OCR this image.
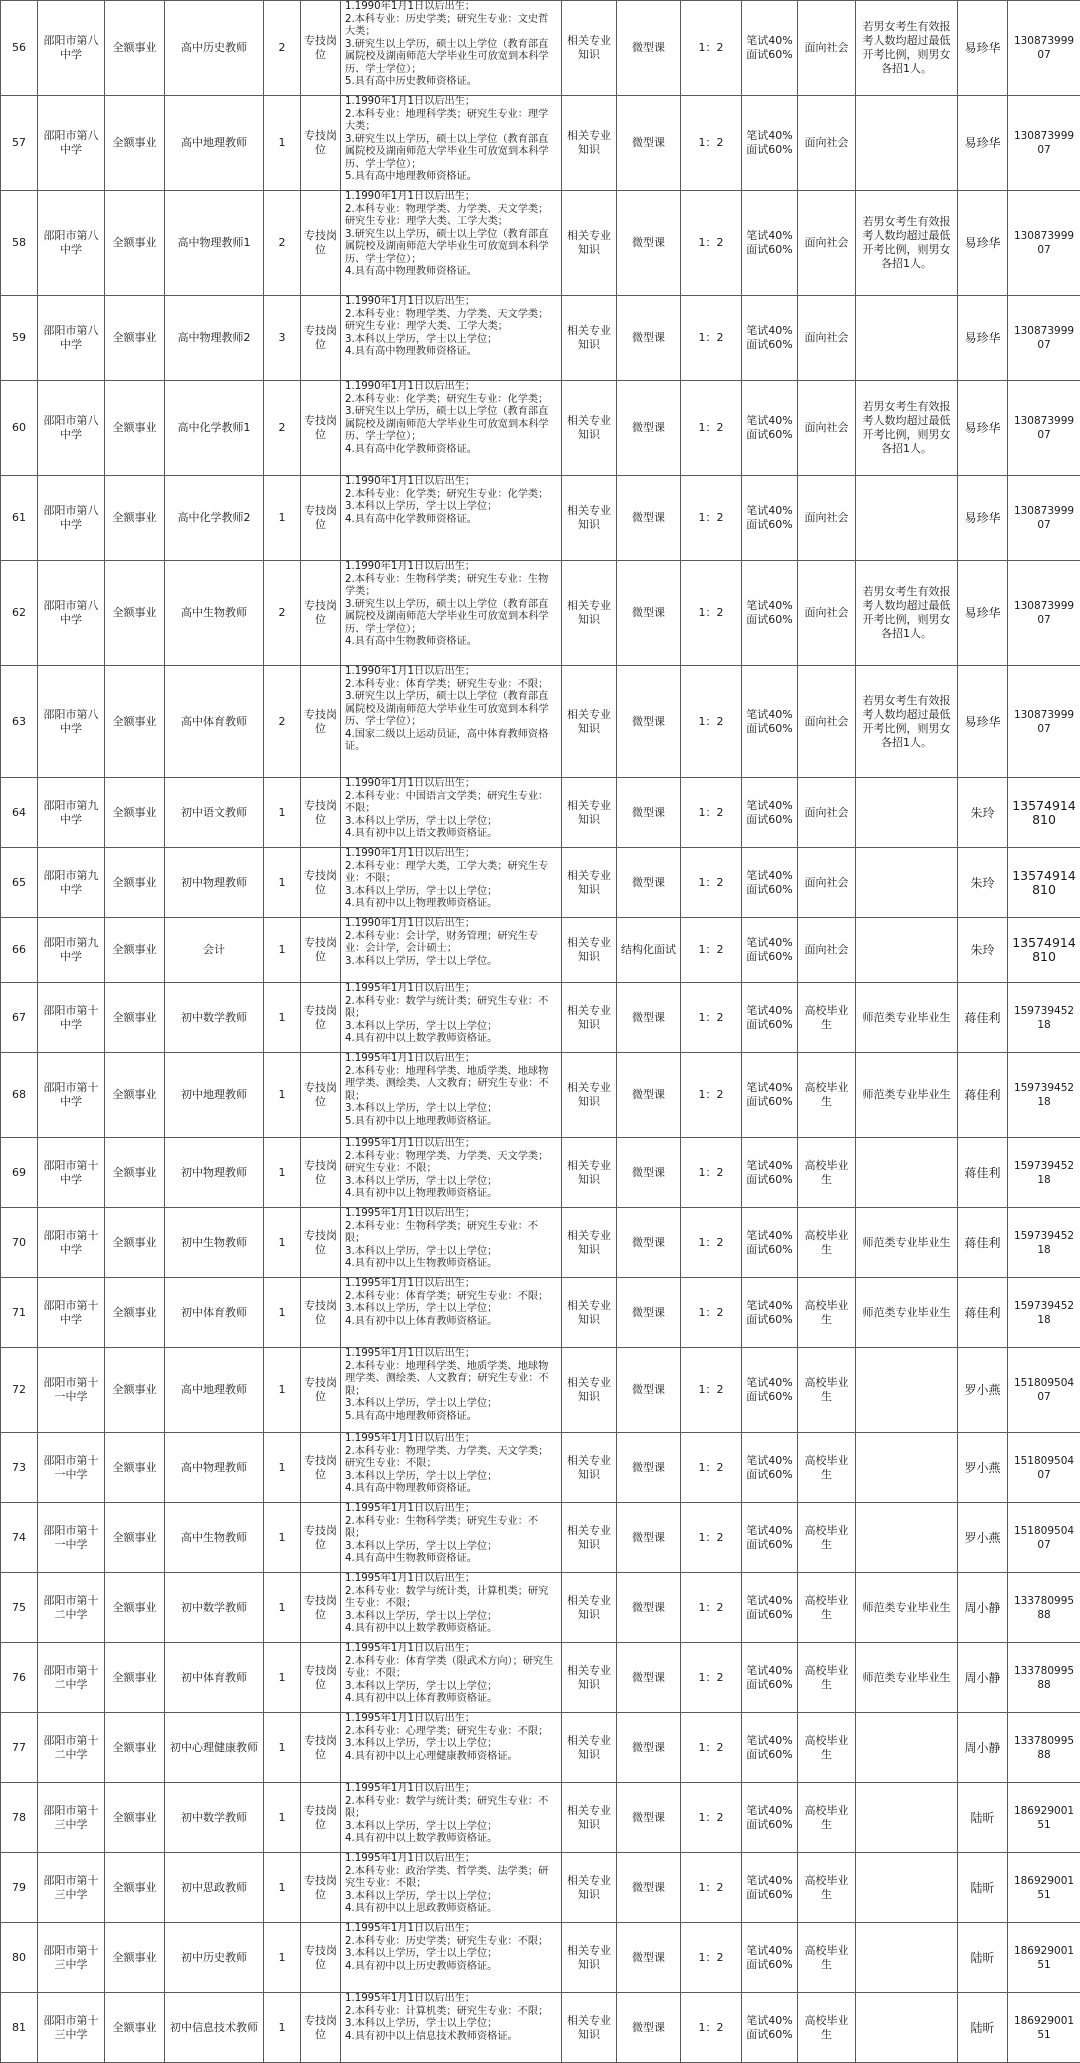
56	邵阳市第八中学	全额事业	高中历史教师	2	专技岗位	1.1990年1月1日以后出生；
2.本科专业：历史学类；研究生专业：文史哲大类；
3.研究生以上学历，硕士以上学位（教育部直属院校及湖南师范大学毕业生可放宽到本科学历、学士学位）；
5.具有高中历史教师资格证。	相关专业知识	微型课	1：2	笔试40%面试60%	面向社会	若男女考生有效报考人数均超过最低开考比例，则男女各招1人。	易珍华	13087399907
57	邵阳市第八中学	全额事业	高中地理教师	1	专技岗位	1.1990年1月1日以后出生；
2.本科专业：地理科学类；研究生专业：理学大类；
3.研究生以上学历，硕士以上学位（教育部直属院校及湖南师范大学毕业生可放宽到本科学历、学士学位）；
5.具有高中地理教师资格证。	相关专业知识	微型课	1：2	笔试40%面试60%	面向社会		易珍华	13087399907
58	邵阳市第八中学	全额事业	高中物理教师1	2	专技岗位	1.1990年1月1日以后出生；
2.本科专业：物理学类、力学类、天文学类；研究生专业：理学大类、工学大类；
3.研究生以上学历，硕士以上学位（教育部直属院校及湖南师范大学毕业生可放宽到本科学历、学士学位）；
4.具有高中物理教师资格证。	相关专业知识	微型课	1：2	笔试40%面试60%	面向社会	若男女考生有效报考人数均超过最低开考比例，则男女各招1人。	易珍华	13087399907
59	邵阳市第八中学	全额事业	高中物理教师2	3	专技岗位	1.1990年1月1日以后出生；
2.本科专业：物理学类、力学类、天文学类；研究生专业：理学大类、工学大类；
3.本科以上学历，学士以上学位；
4.具有高中物理教师资格证。	相关专业知识	微型课	1：2	笔试40%面试60%	面向社会		易珍华	13087399907
60	邵阳市第八中学	全额事业	高中化学教师1	2	专技岗位	1.1990年1月1日以后出生；
2.本科专业：化学类；研究生专业：化学类；
3.研究生以上学历，硕士以上学位（教育部直属院校及湖南师范大学毕业生可放宽到本科学历、学士学位）；
4.具有高中化学教师资格证。	相关专业知识	微型课	1：2	笔试40%面试60%	面向社会	若男女考生有效报考人数均超过最低开考比例，则男女各招1人。	易珍华	13087399907
61	邵阳市第八中学	全额事业	高中化学教师2	1	专技岗位	1.1990年1月1日以后出生；
2.本科专业：化学类；研究生专业：化学类；
3.本科以上学历，学士以上学位；
4.具有高中化学教师资格证。	相关专业知识	微型课	1：2	笔试40%面试60%	面向社会		易珍华	13087399907
62	邵阳市第八中学	全额事业	高中生物教师	2	专技岗位	1.1990年1月1日以后出生；
2.本科专业：生物科学类；研究生专业：生物学类；
3.研究生以上学历，硕士以上学位（教育部直属院校及湖南师范大学毕业生可放宽到本科学历、学士学位）；
4.具有高中生物教师资格证。	相关专业知识	微型课	1：2	笔试40%面试60%	面向社会	若男女考生有效报考人数均超过最低开考比例，则男女各招1人。	易珍华	13087399907
63	邵阳市第八中学	全额事业	高中体育教师	2	专技岗位	1.1990年1月1日以后出生；
2.本科专业：体育学类；研究生专业：不限；
3.研究生以上学历，硕士以上学位（教育部直属院校及湖南师范大学毕业生可放宽到本科学历、学士学位）；
4.国家二级以上运动员证，高中体育教师资格证。	相关专业知识	微型课	1：2	笔试40%面试60%	面向社会	若男女考生有效报考人数均超过最低开考比例，则男女各招1人。	易珍华	13087399907
64	邵阳市第九中学	全额事业	初中语文教师	1	专技岗位	1.1990年1月1日以后出生；
2.本科专业：中国语言文学类；研究生专业：不限；
3.本科以上学历，学士以上学位；
4.具有初中以上语文教师资格证。	相关专业知识	微型课	1：2	笔试40%面试60%	面向社会		朱玲	13574914810
65	邵阳市第九中学	全额事业	初中物理教师	1	专技岗位	1.1990年1月1日以后出生；
2.本科专业：理学大类，工学大类；研究生专业：不限；
3.本科以上学历，学士以上学位；
4.具有初中以上物理教师资格证。	相关专业知识	微型课	1：2	笔试40%面试60%	面向社会		朱玲	13574914810
66	邵阳市第九中学	全额事业	会计	1	专技岗位	1.1990年1月1日以后出生；
2.本科专业：会计学，财务管理；研究生专业：会计学，会计硕士；
3.本科以上学历，学士以上学位。	相关专业知识	结构化面试	1：2	笔试40%面试60%	面向社会		朱玲	13574914810
67	邵阳市第十中学	全额事业	初中数学教师	1	专技岗位	1.1995年1月1日以后出生；
2.本科专业：数学与统计类；研究生专业：不限；
3.本科以上学历，学士以上学位；
4.具有初中以上数学教师资格证。	相关专业知识	微型课	1：2	笔试40%面试60%	高校毕业生	师范类专业毕业生	蒋佳利	15973945218
68	邵阳市第十中学	全额事业	初中地理教师	1	专技岗位	1.1995年1月1日以后出生；
2.本科专业：地理科学类、地质学类、地球物理学类、测绘类、人文教育；研究生专业：不限；
3.本科以上学历，学士以上学位；
5.具有初中以上地理教师资格证。	相关专业知识	微型课	1：2	笔试40%面试60%	高校毕业生	师范类专业毕业生	蒋佳利	15973945218
69	邵阳市第十中学	全额事业	初中物理教师	1	专技岗位	1.1995年1月1日以后出生；
2.本科专业：物理学类、力学类、天文学类；研究生专业：不限；
3.本科以上学历，学士以上学位；
4.具有初中以上物理教师资格证。	相关专业知识	微型课	1：2	笔试40%面试60%	高校毕业生		蒋佳利	15973945218
70	邵阳市第十中学	全额事业	初中生物教师	1	专技岗位	1.1995年1月1日以后出生；
2.本科专业：生物科学类；研究生专业：不限；
3.本科以上学历，学士以上学位；
4.具有初中以上生物教师资格证。	相关专业知识	微型课	1：2	笔试40%面试60%	高校毕业生	师范类专业毕业生	蒋佳利	15973945218
71	邵阳市第十中学	全额事业	初中体育教师	1	专技岗位	1.1995年1月1日以后出生；
2.本科专业：体育学类；研究生专业：不限；
3.本科以上学历，学士以上学位；
4.具有初中以上体育教师资格证。	相关专业知识	微型课	1：2	笔试40%面试60%	高校毕业生	师范类专业毕业生	蒋佳利	15973945218
72	邵阳市第十一中学	全额事业	高中地理教师	1	专技岗位	1.1995年1月1日以后出生；
2.本科专业：地理科学类、地质学类、地球物理学类、测绘类、人文教育；研究生专业：不限；
3.本科以上学历，学士以上学位；
5.具有高中地理教师资格证。	相关专业知识	微型课	1：2	笔试40%面试60%	高校毕业生		罗小燕	15180950407
73	邵阳市第十一中学	全额事业	高中物理教师	1	专技岗位	1.1995年1月1日以后出生；
2.本科专业：物理学类、力学类、天文学类；研究生专业：不限；
3.本科以上学历，学士以上学位；
4.具有高中物理教师资格证。	相关专业知识	微型课	1：2	笔试40%面试60%	高校毕业生		罗小燕	15180950407
74	邵阳市第十一中学	全额事业	高中生物教师	1	专技岗位	1.1995年1月1日以后出生；
2.本科专业：生物科学类；研究生专业：不限；
3.本科以上学历，学士以上学位；
4.具有高中生物教师资格证。	相关专业知识	微型课	1：2	笔试40%面试60%	高校毕业生		罗小燕	15180950407
75	邵阳市第十二中学	全额事业	初中数学教师	1	专技岗位	1.1995年1月1日以后出生；
2.本科专业：数学与统计类，计算机类；研究生专业：不限；
3.本科以上学历，学士以上学位；
4.具有初中以上数学教师资格证。	相关专业知识	微型课	1：2	笔试40%面试60%	高校毕业生	师范类专业毕业生	周小静	13378099588
76	邵阳市第十二中学	全额事业	初中体育教师	1	专技岗位	1.1995年1月1日以后出生；
2.本科专业：体育学类（限武术方向）；研究生专业：不限；
3.本科以上学历，学士以上学位；
4.具有初中以上体育教师资格证。	相关专业知识	微型课	1：2	笔试40%面试60%	高校毕业生	师范类专业毕业生	周小静	13378099588
77	邵阳市第十二中学	全额事业	初中心理健康教师	1	专技岗位	1.1995年1月1日以后出生；
2.本科专业：心理学类；研究生专业：不限；
3.本科以上学历，学士以上学位；
4.具有初中以上心理健康教师资格证。	相关专业知识	微型课	1：2	笔试40%面试60%	高校毕业生		周小静	13378099588
78	邵阳市第十三中学	全额事业	初中数学教师	1	专技岗位	1.1995年1月1日以后出生；
2.本科专业：数学与统计类；研究生专业：不限；
3.本科以上学历，学士以上学位；
4.具有初中以上数学教师资格证。	相关专业知识	微型课	1：2	笔试40%面试60%	高校毕业生		陆昕	18692900151
79	邵阳市第十三中学	全额事业	初中思政教师	1	专技岗位	1.1995年1月1日以后出生；
2.本科专业：政治学类、哲学类、法学类；研究生专业：不限；
3.本科以上学历，学士以上学位；
4.具有初中以上思政教师资格证。	相关专业知识	微型课	1：2	笔试40%面试60%	高校毕业生		陆昕	18692900151
80	邵阳市第十三中学	全额事业	初中历史教师	1	专技岗位	1.1995年1月1日以后出生；
2.本科专业：历史学类；研究生专业：不限；
3.本科以上学历，学士以上学位；
4.具有初中以上历史教师资格证。	相关专业知识	微型课	1：2	笔试40%面试60%	高校毕业生		陆昕	18692900151
81	邵阳市第十三中学	全额事业	初中信息技术教师	1	专技岗位	1.1995年1月1日以后出生；
2.本科专业：计算机类；研究生专业：不限；
3.本科以上学历，学士以上学位；
4.具有初中以上信息技术教师资格证。	相关专业知识	微型课	1：2	笔试40%面试60%	高校毕业生		陆昕	18692900151
